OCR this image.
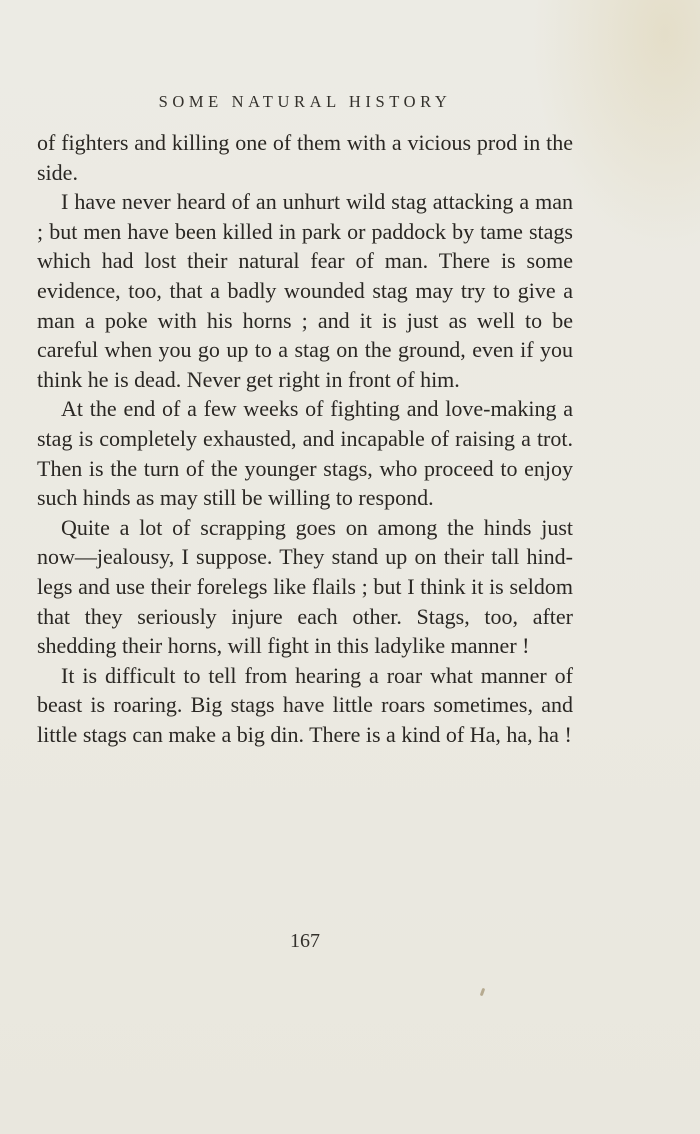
SOME NATURAL HISTORY

of fighters and killing one of them with a vicious prod in the side.

I have never heard of an unhurt wild stag attacking a man ; but men have been killed in park or paddock by tame stags which had lost their natural fear of man. There is some evidence, too, that a badly wounded stag may try to give a man a poke with his horns ; and it is just as well to be careful when you go up to a stag on the ground, even if you think he is dead. Never get right in front of him.

At the end of a few weeks of fighting and love-making a stag is completely exhausted, and incapable of raising a trot. Then is the turn of the younger stags, who proceed to enjoy such hinds as may still be willing to respond.

Quite a lot of scrapping goes on among the hinds just now—jealousy, I suppose. They stand up on their tall hind-legs and use their forelegs like flails ; but I think it is seldom that they seriously injure each other. Stags, too, after shedding their horns, will fight in this ladylike manner !

It is difficult to tell from hearing a roar what manner of beast is roaring. Big stags have little roars sometimes, and little stags can make a big din. There is a kind of Ha, ha, ha !

167
